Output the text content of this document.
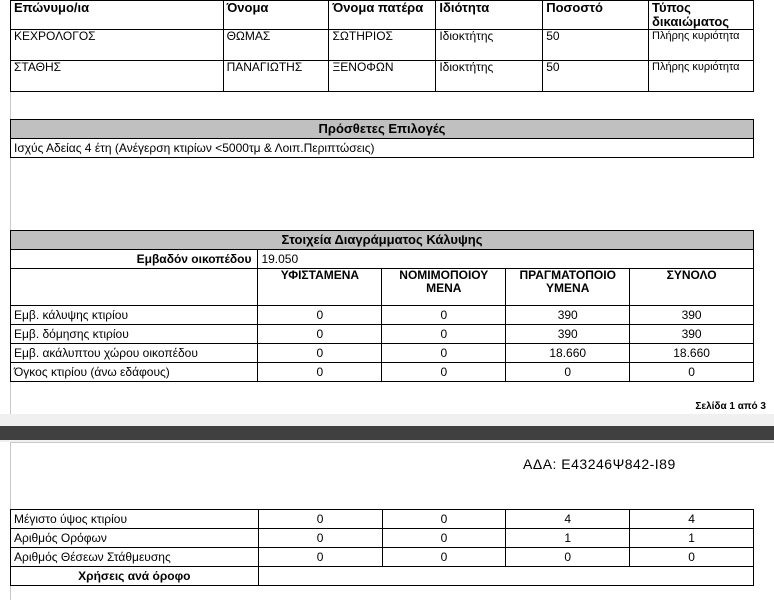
Επώνυμο/ια	Όνομα	Όνομα πατέρα	Ιδιότητα	Ποσοστό	Τύπος δικαιώματος
ΚΕΧΡΟΛΟΓΟΣ	ΘΩΜΑΣ	ΣΩΤΗΡΙΟΣ	Ιδιοκτήτης	50	Πλήρης κυριότητα
ΣΤΑΘΗΣ	ΠΑΝΑΓΙΩΤΗΣ	ΞΕΝΟΦΩΝ	Ιδιοκτήτης	50	Πλήρης κυριότητα
Πρόσθετες Επιλογές
Ισχύς Αδείας 4 έτη (Ανέγερση κτιρίων <5000τμ & Λοιπ.Περιπτώσεις)
Στοιχεία Διαγράμματος Κάλυψης				
Εμβαδόν οικοπέδου	19.050			
	ΥΦΙΣΤΑΜΕΝΑ	ΝΟΜΙΜΟΠΟΙΟΥ ΜΕΝΑ	ΠΡΑΓΜΑΤΟΠΟΙΟ ΥΜΕΝΑ	ΣΥΝΟΛΟ
Εμβ. κάλυψης κτιρίου	0	0	390	390
Εμβ. δόμησης κτιρίου	0	0	390	390
Εμβ. ακάλυπτου χώρου οικοπέδου	0	0	18.660	18.660
Όγκος κτιρίου (άνω εδάφους)	0	0	0	0
Σελίδα 1 από 3
ΑΔΑ: Ε43246Ψ842-Ι89
Μέγιστο ύψος κτιρίου	0	0	4	4
Αριθμός Ορόφων	0	0	1	1
Αριθμός Θέσεων Στάθμευσης	0	0	0	0
Χρήσεις ανά όροφο				
